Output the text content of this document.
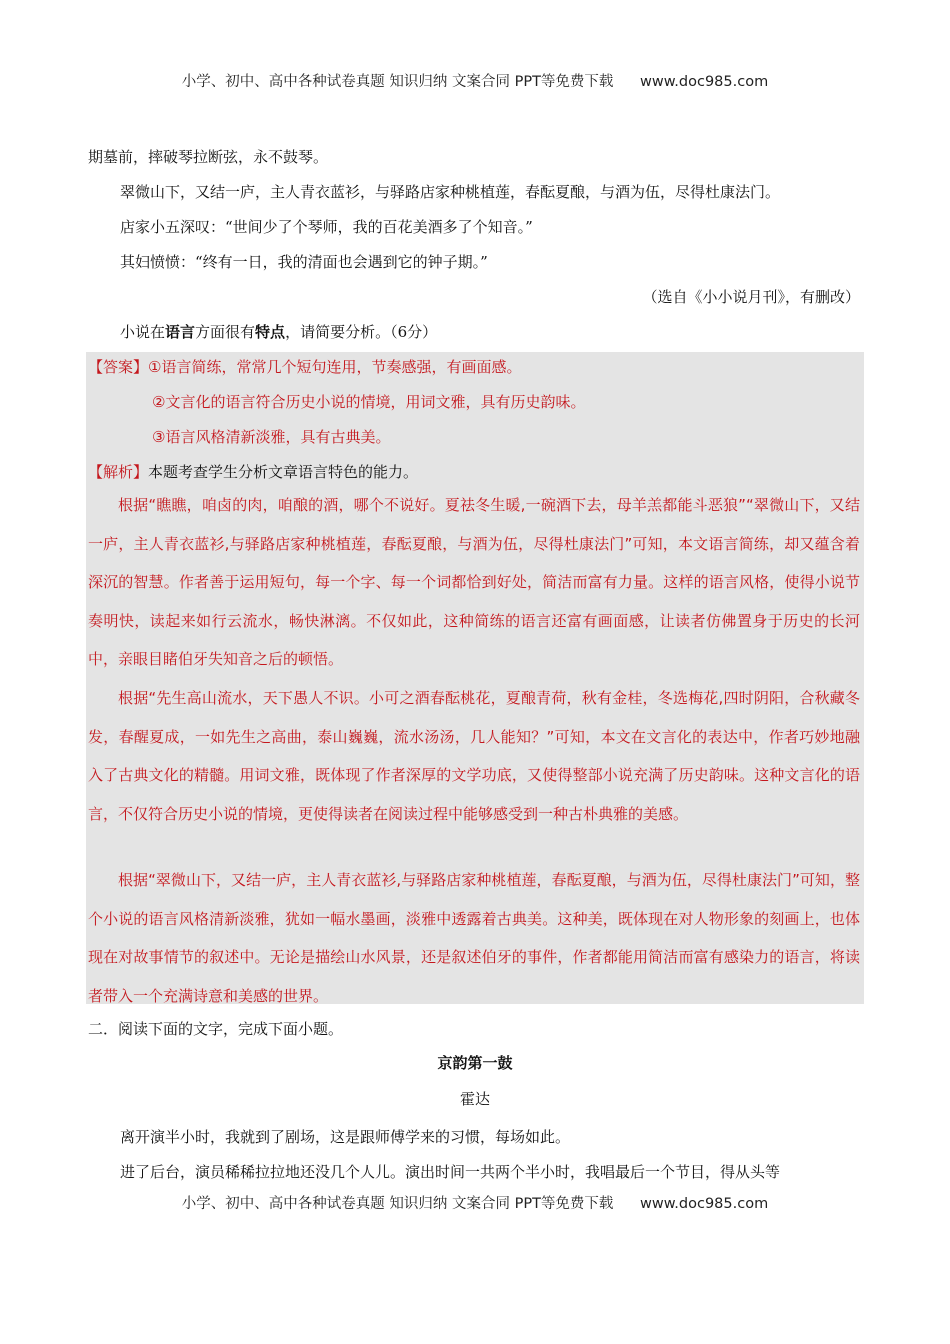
小学、初中、高中各种试卷真题 知识归纳 文案合同 PPT等免费下载 www.doc985.com
期墓前，摔破琴拉断弦，永不鼓琴。
翠微山下，又结一庐，主人青衣蓝衫，与驿路店家种桃植莲，春酝夏酿，与酒为伍，尽得杜康法门。
店家小五深叹：“世间少了个琴师，我的百花美酒多了个知音。”
其妇愤愤：“终有一日，我的清面也会遇到它的钟子期。”
（选自《小小说月刊》，有删改）
小说在语言方面很有特点，请简要分析。（6分）
【答案】①语言简练，常常几个短句连用，节奏感强，有画面感。
②文言化的语言符合历史小说的情境，用词文雅，具有历史韵味。
③语言风格清新淡雅，具有古典美。
【解析】本题考查学生分析文章语言特色的能力。
根据“瞧瞧，咱卤的肉，咱酿的酒，哪个不说好。夏祛冬生暖,一碗酒下去，母羊羔都能斗恶狼”“翠微山下，又结一庐，主人青衣蓝衫,与驿路店家种桃植莲，春酝夏酿，与酒为伍，尽得杜康法门”可知，本文语言简练，却又蕴含着深沉的智慧。作者善于运用短句，每一个字、每一个词都恰到好处，简洁而富有力量。这样的语言风格，使得小说节奏明快，读起来如行云流水，畅快淋漓。不仅如此，这种简练的语言还富有画面感，让读者仿佛置身于历史的长河中，亲眼目睹伯牙失知音之后的顿悟。
根据“先生高山流水，天下愚人不识。小可之酒春酝桃花，夏酿青荷，秋有金桂，冬选梅花,四时阴阳，合秋藏冬发，春醒夏成，一如先生之高曲，泰山巍巍，流水汤汤，几人能知？”可知，本文在文言化的表达中，作者巧妙地融入了古典文化的精髓。用词文雅，既体现了作者深厚的文学功底，又使得整部小说充满了历史韵味。这种文言化的语言，不仅符合历史小说的情境，更使得读者在阅读过程中能够感受到一种古朴典雅的美感。
根据“翠微山下，又结一庐，主人青衣蓝衫,与驿路店家种桃植莲，春酝夏酿，与酒为伍，尽得杜康法门”可知，整个小说的语言风格清新淡雅，犹如一幅水墨画，淡雅中透露着古典美。这种美，既体现在对人物形象的刻画上，也体现在对故事情节的叙述中。无论是描绘山水风景，还是叙述伯牙的事件，作者都能用简洁而富有感染力的语言，将读者带入一个充满诗意和美感的世界。
二．阅读下面的文字，完成下面小题。
京韵第一鼓
霍达
离开演半小时，我就到了剧场，这是跟师傅学来的习惯，每场如此。
进了后台，演员稀稀拉拉地还没几个人儿。演出时间一共两个半小时，我唱最后一个节目，得从头等
小学、初中、高中各种试卷真题 知识归纳 文案合同 PPT等免费下载 www.doc985.com
